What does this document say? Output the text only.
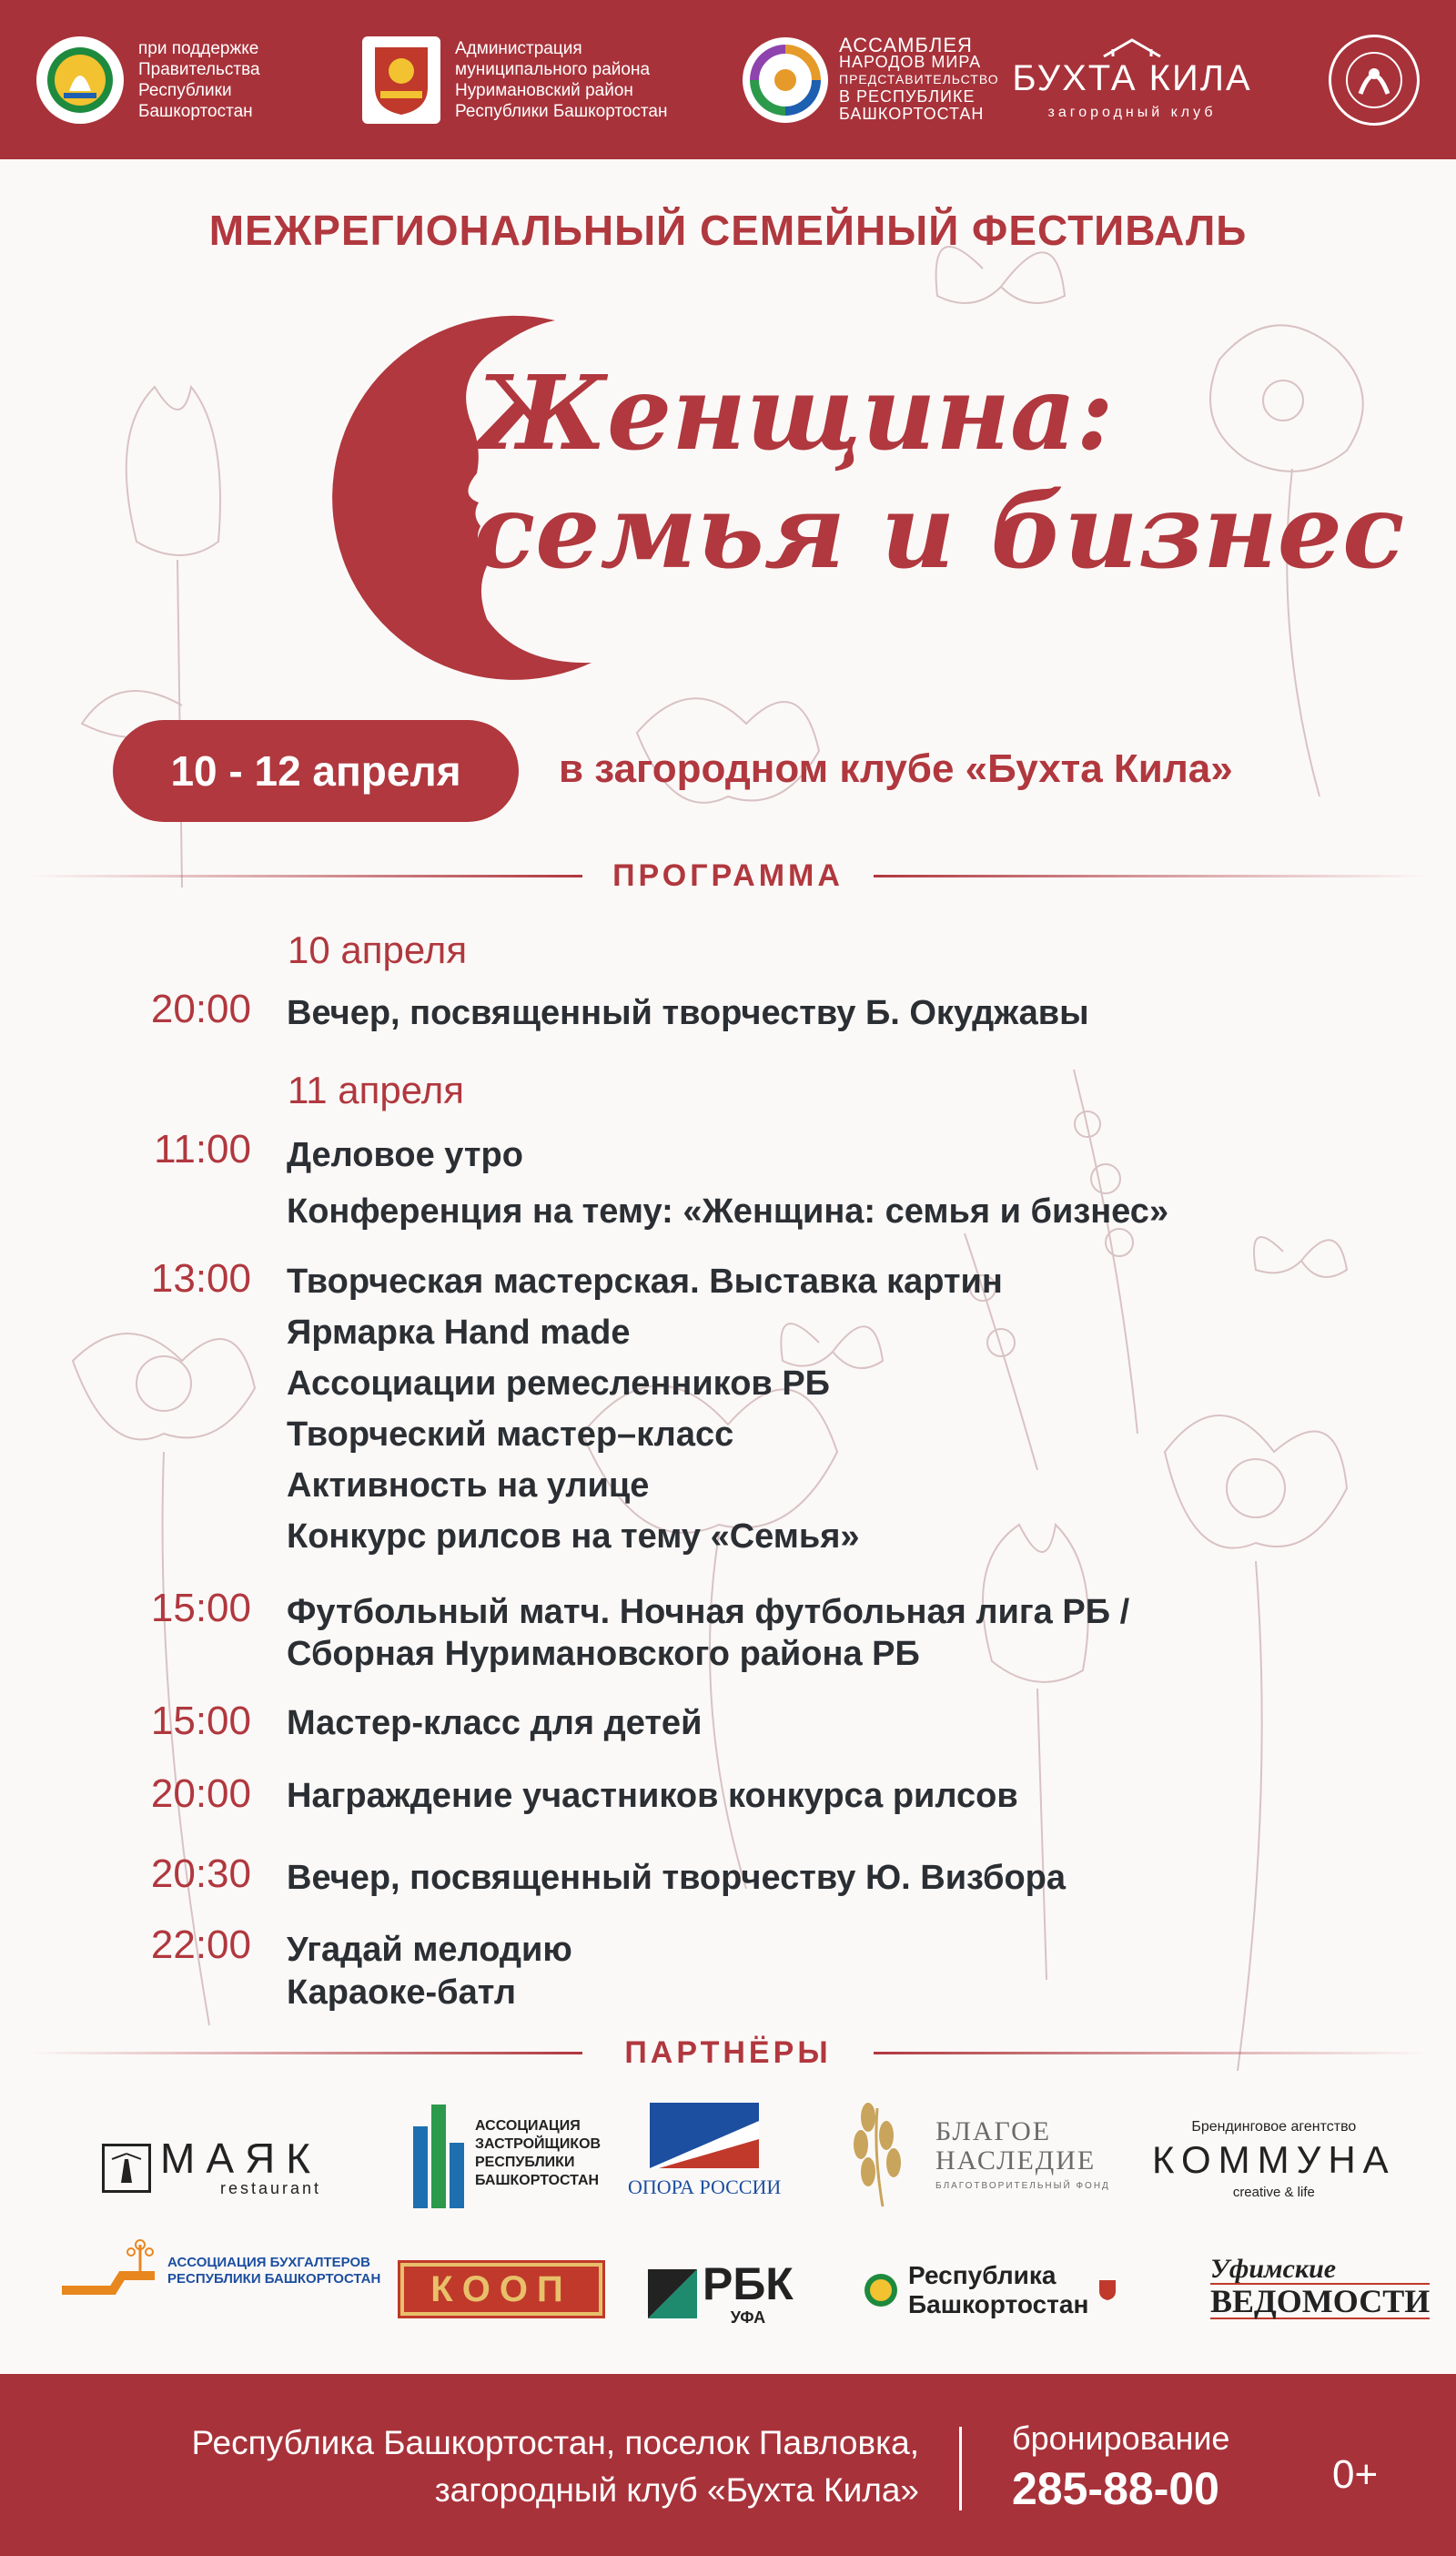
при поддержке Правительства Республики Башкортостан
Администрация муниципального района Нуримановский район Республики Башкортостан
АССАМБЛЕЯ
НАРОДОВ МИРА
ПРЕДСТАВИТЕЛЬСТВО
В РЕСПУБЛИКЕ
БАШКОРТОСТАН
БУХТА КИЛА
загородный клуб
МЕЖРЕГИОНАЛЬНЫЙ СЕМЕЙНЫЙ ФЕСТИВАЛЬ
Женщина:
семья и бизнес
10 - 12 апреля	в загородном клубе «Бухта Кила»
ПРОГРАММА
10 апреля
20:00 Вечер, посвященный творчеству Б. Окуджавы
11 апреля
11:00 Деловое утро
Конференция на тему: «Женщина: семья и бизнес»
13:00 Творческая мастерская. Выставка картин
Ярмарка Hand made
Ассоциации ремесленников РБ
Творческий мастер–класс
Активность на улице
Конкурс рилсов на тему «Семья»
15:00 Футбольный матч. Ночная футбольная лига РБ /
Сборная Нуримановского района РБ
15:00 Мастер-класс для детей
20:00 Награждение участников конкурса рилсов
20:30 Вечер, посвященный творчеству Ю. Визбора
22:00 Угадай мелодию
Караоке-батл
ПАРТНЁРЫ
МАЯК
restaurant
АССОЦИАЦИЯ
ЗАСТРОЙЩИКОВ
РЕСПУБЛИКИ
БАШКОРТОСТАН ОПОРА РОССИИ
БЛАГОЕ
НАСЛЕДИЕ
БЛАГОТВОРИТЕЛЬНЫЙ ФОНД
Брендинговое агентство
КОММУНА
creative & life
АССОЦИАЦИЯ БУХГАЛТЕРОВ
РЕСПУБЛИКИ БАШКОРТОСТАН	КООП	РБК
УФА
Республика
Башкортостан
Уфимские
ВЕДОМОСТИ
Республика Башкортостан, поселок Павловка,
загородный клуб «Бухта Кила»
бронирование
285-88-00	0+
